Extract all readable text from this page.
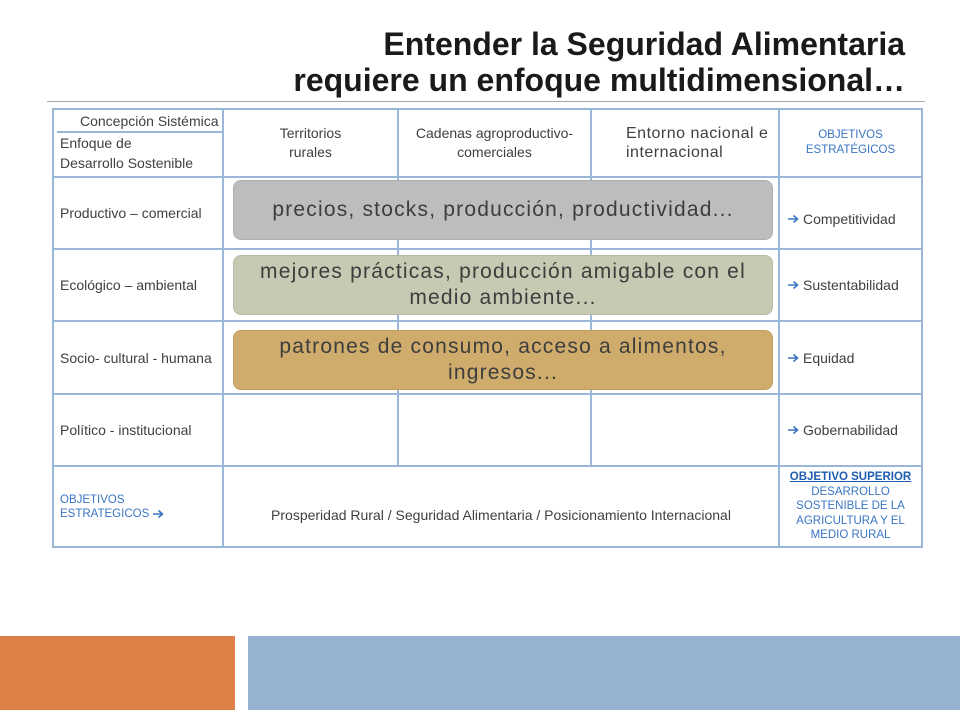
Entender la Seguridad Alimentaria
requiere un enfoque multidimensional…
Concepción Sistémica
Enfoque de
Desarrollo Sostenible
Territorios
rurales
Cadenas agroproductivo-
comerciales
Entorno nacional e
internacional
OBJETIVOS
ESTRATÉGICOS
Productivo – comercial
Ecológico – ambiental
Socio- cultural - humana
Político - institucional
Competitividad
Sustentabilidad
Equidad
Gobernabilidad
OBJETIVOS
ESTRATEGICOS	Prosperidad Rural / Seguridad Alimentaria / Posicionamiento Internacional
OBJETIVO SUPERIOR
DESARROLLO
SOSTENIBLE DE LA
AGRICULTURA Y EL
MEDIO RURAL
precios, stocks, producción, productividad...
mejores prácticas, producción amigable con el medio ambiente...
patrones de consumo, acceso a alimentos, ingresos...
